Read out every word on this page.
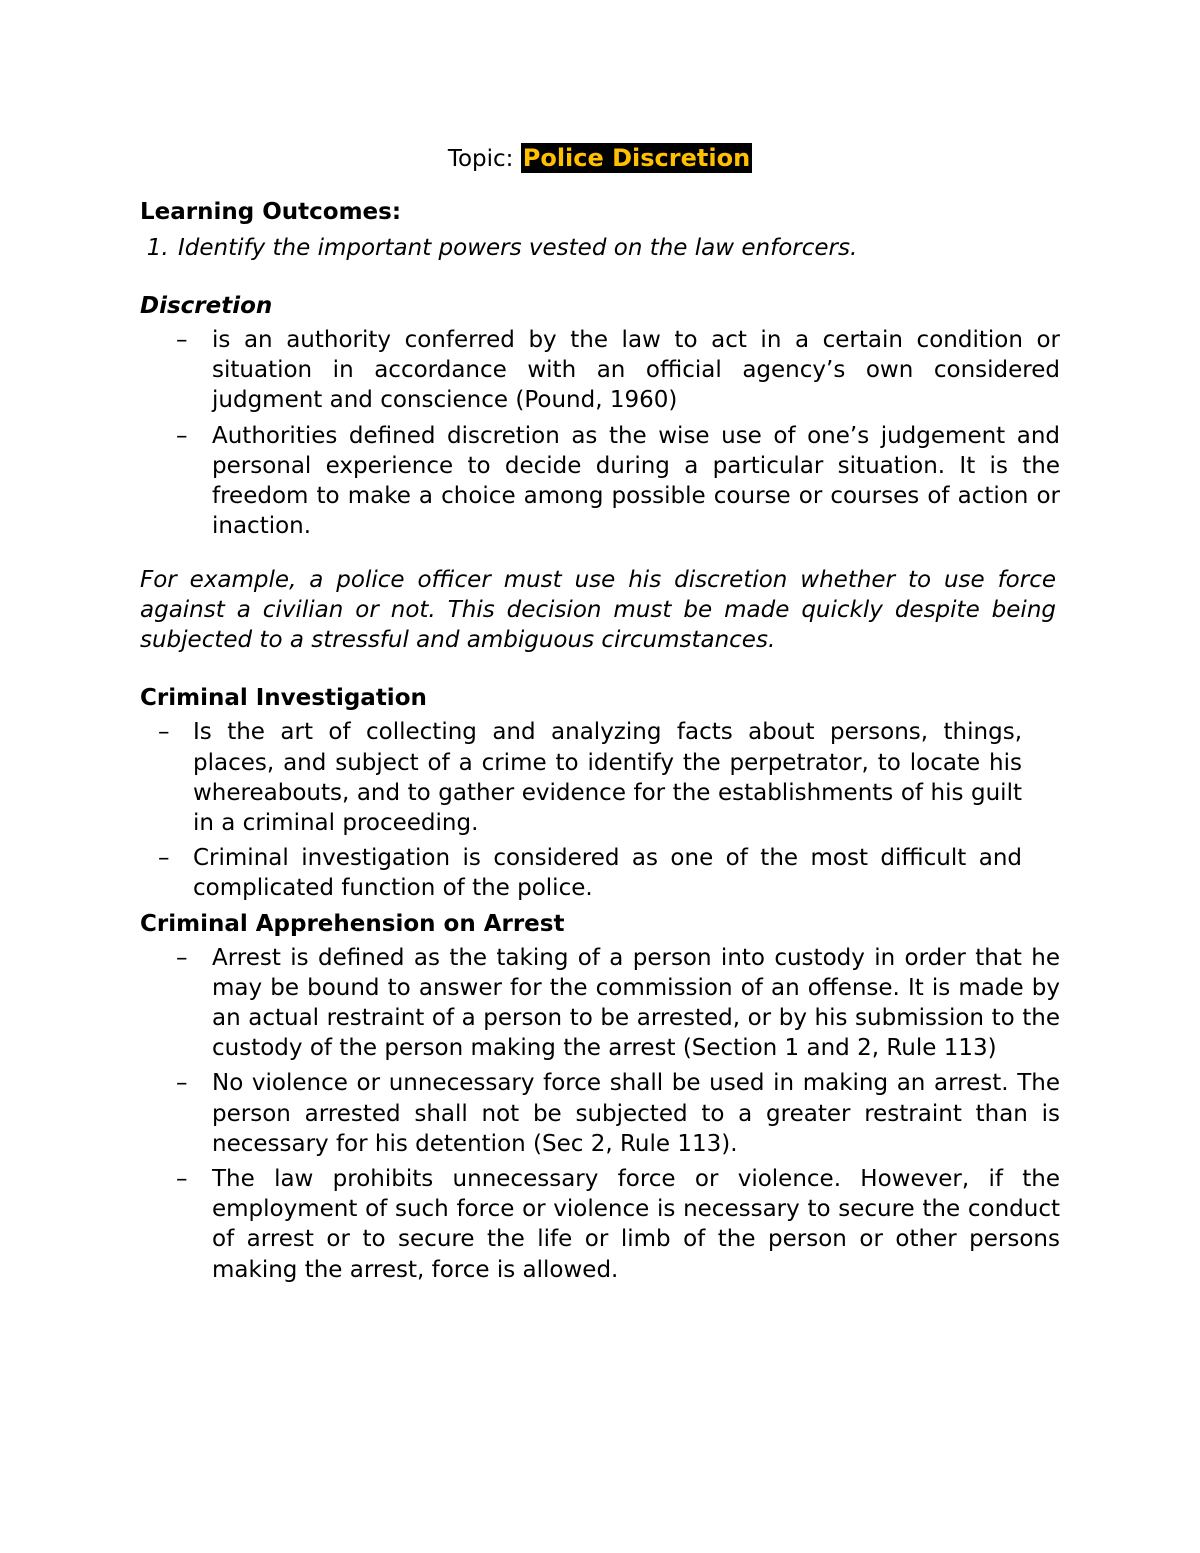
Topic: Police Discretion

Learning Outcomes:

1. Identify the important powers vested on the law enforcers.

Discretion

– is an authority conferred by the law to act in a certain condition or situation in accordance with an official agency’s own considered judgment and conscience (Pound, 1960)
– Authorities defined discretion as the wise use of one’s judgement and personal experience to decide during a particular situation. It is the freedom to make a choice among possible course or courses of action or inaction.

For example, a police officer must use his discretion whether to use force against a civilian or not. This decision must be made quickly despite being subjected to a stressful and ambiguous circumstances.

Criminal Investigation

– Is the art of collecting and analyzing facts about persons, things, places, and subject of a crime to identify the perpetrator, to locate his whereabouts, and to gather evidence for the establishments of his guilt in a criminal proceeding.
– Criminal investigation is considered as one of the most difficult and complicated function of the police.

Criminal Apprehension on Arrest

– Arrest is defined as the taking of a person into custody in order that he may be bound to answer for the commission of an offense. It is made by an actual restraint of a person to be arrested, or by his submission to the custody of the person making the arrest (Section 1 and 2, Rule 113)
– No violence or unnecessary force shall be used in making an arrest. The person arrested shall not be subjected to a greater restraint than is necessary for his detention (Sec 2, Rule 113).
– The law prohibits unnecessary force or violence. However, if the employment of such force or violence is necessary to secure the conduct of arrest or to secure the life or limb of the person or other persons making the arrest, force is allowed.
